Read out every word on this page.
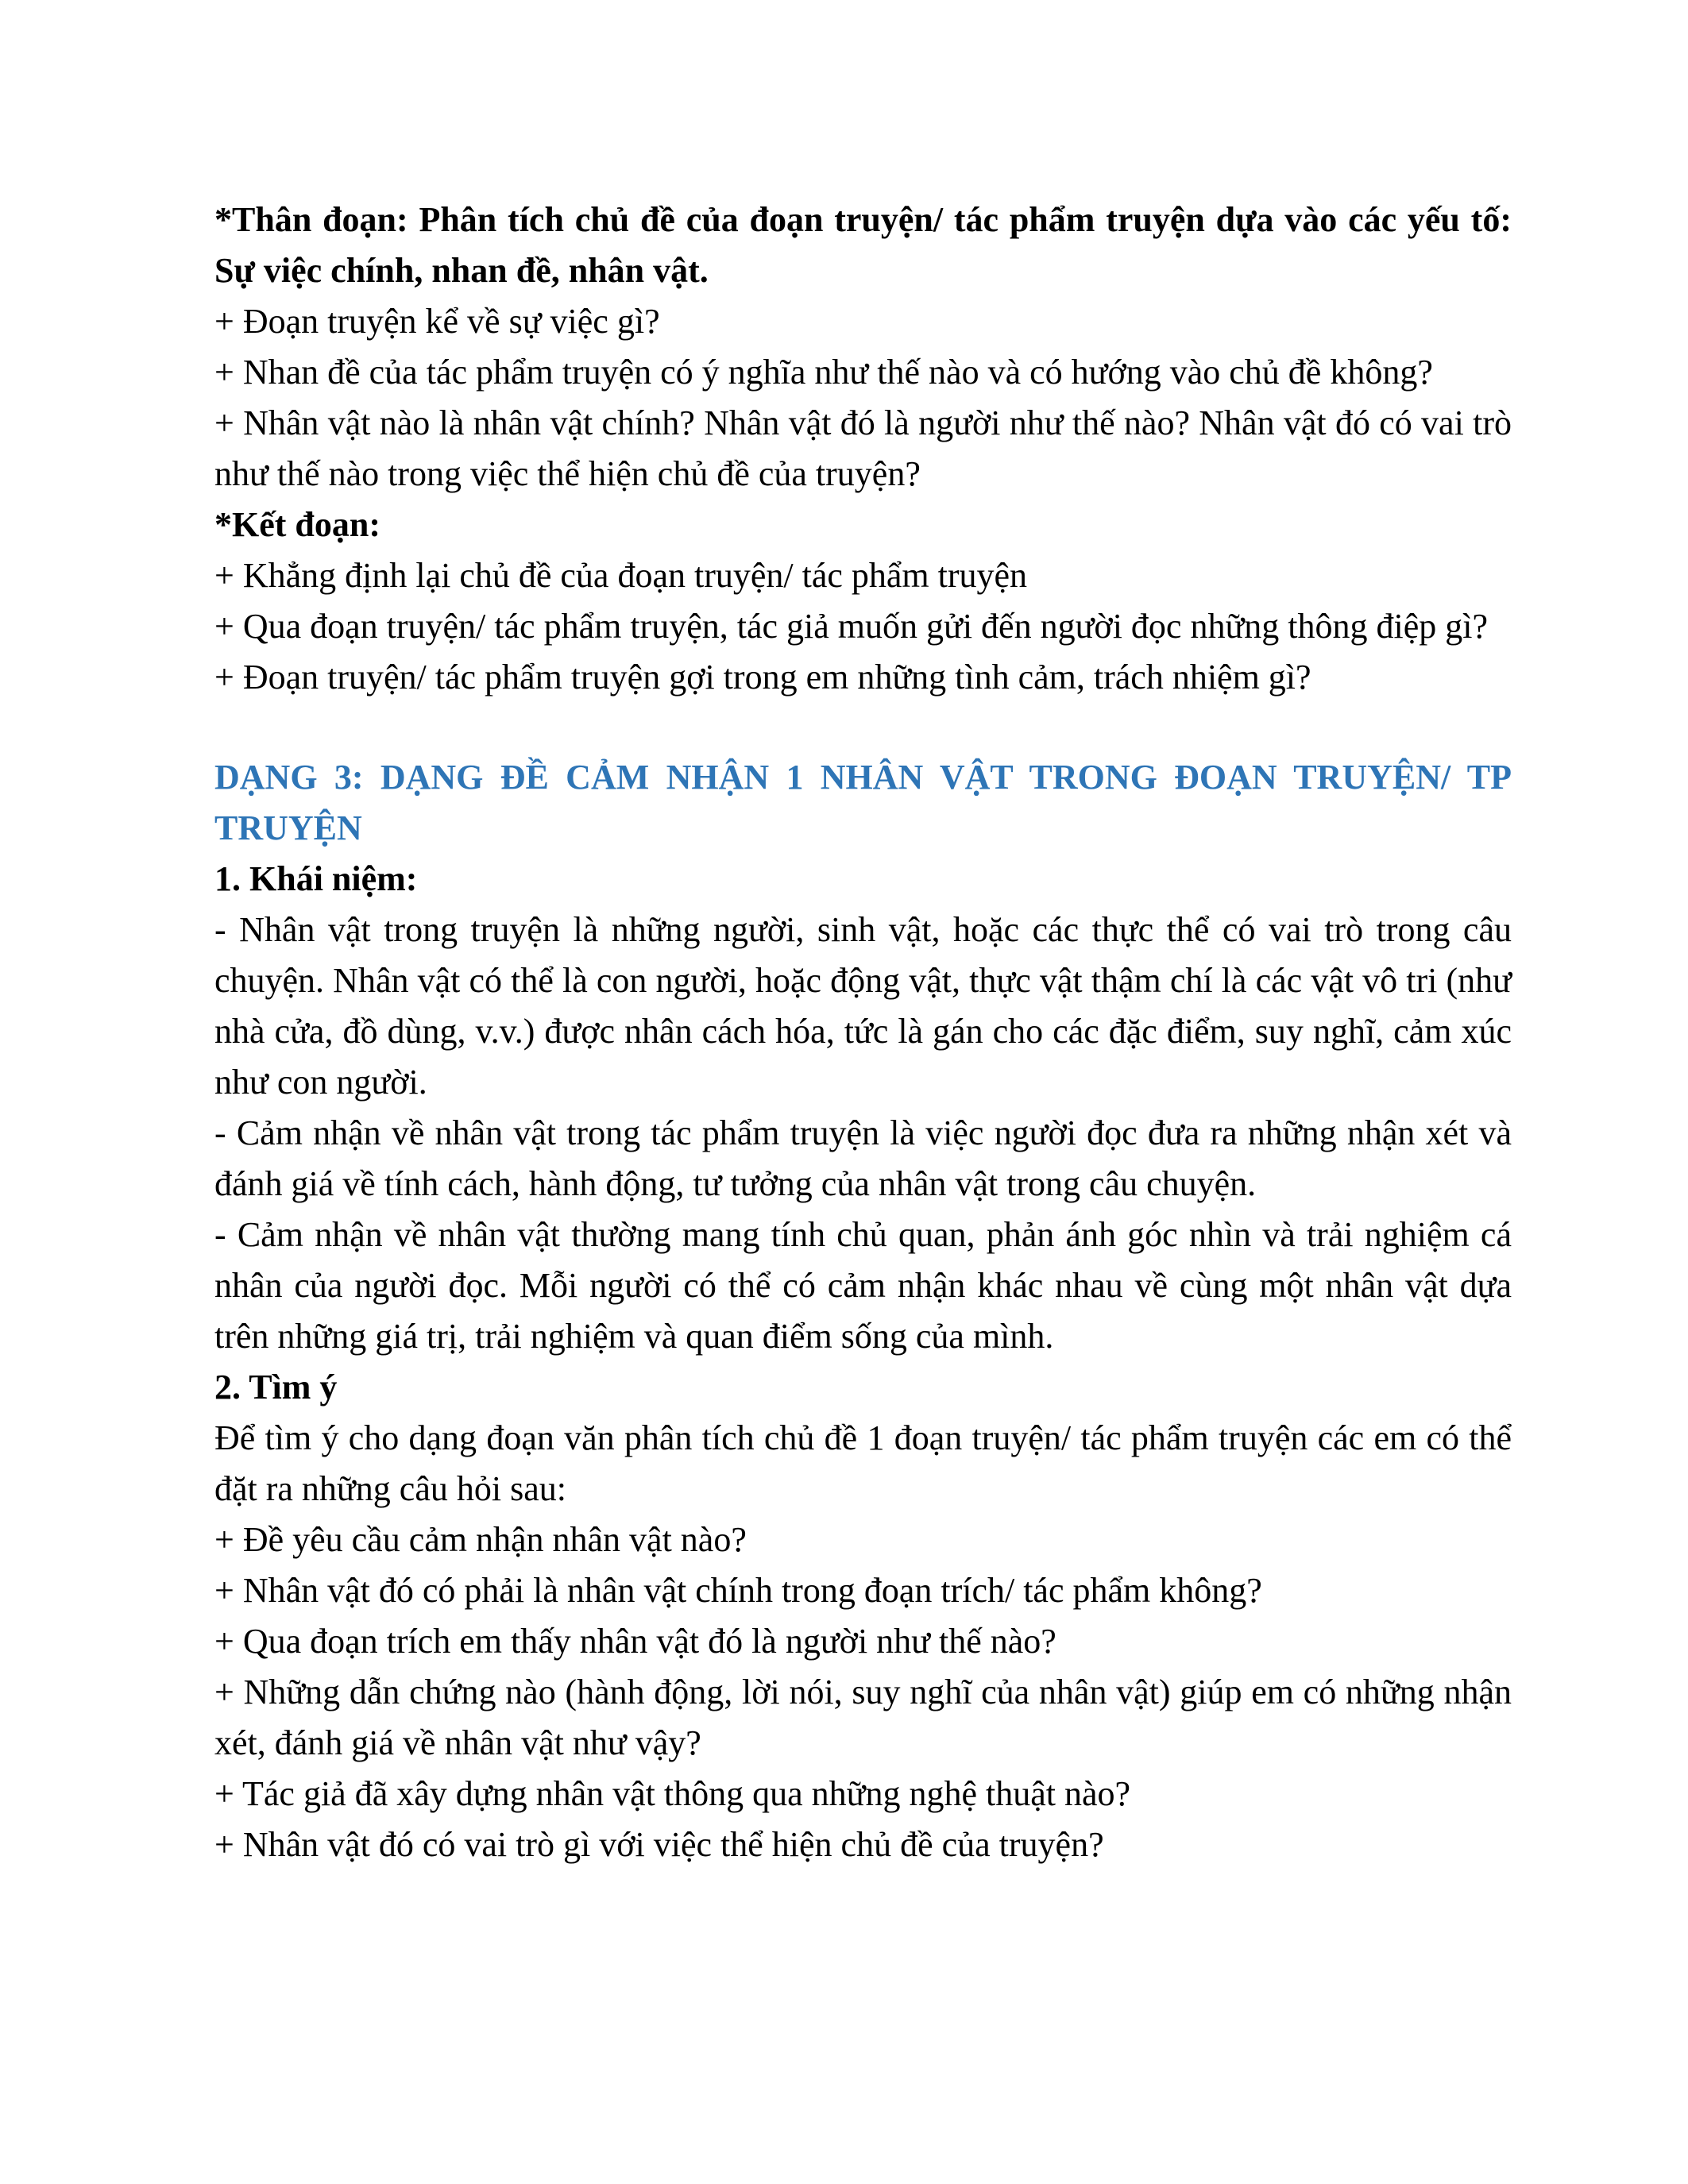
*Thân đoạn: Phân tích chủ đề của đoạn truyện/ tác phẩm truyện dựa vào các yếu tố: Sự việc chính, nhan đề, nhân vật.
+ Đoạn truyện kể về sự việc gì?
+ Nhan đề của tác phẩm truyện có ý nghĩa như thế nào và có hướng vào chủ đề không?
+ Nhân vật nào là nhân vật chính? Nhân vật đó là người như thế nào? Nhân vật đó có vai trò như thế nào trong việc thể hiện chủ đề của truyện?
*Kết đoạn:
+ Khẳng định lại chủ đề của đoạn truyện/ tác phẩm truyện
+ Qua đoạn truyện/ tác phẩm truyện, tác giả muốn gửi đến người đọc những thông điệp gì?
+ Đoạn truyện/ tác phẩm truyện gợi trong em những tình cảm, trách nhiệm gì?
DẠNG 3: DẠNG ĐỀ CẢM NHẬN 1 NHÂN VẬT TRONG ĐOẠN TRUYỆN/ TP TRUYỆN
1. Khái niệm:
- Nhân vật trong truyện là những người, sinh vật, hoặc các thực thể có vai trò trong câu chuyện. Nhân vật có thể là con người, hoặc động vật, thực vật thậm chí là các vật vô tri (như nhà cửa, đồ dùng, v.v.) được nhân cách hóa, tức là gán cho các đặc điểm, suy nghĩ, cảm xúc như con người.
- Cảm nhận về nhân vật trong tác phẩm truyện là việc người đọc đưa ra những nhận xét và đánh giá về tính cách, hành động, tư tưởng của nhân vật trong câu chuyện.
- Cảm nhận về nhân vật thường mang tính chủ quan, phản ánh góc nhìn và trải nghiệm cá nhân của người đọc. Mỗi người có thể có cảm nhận khác nhau về cùng một nhân vật dựa trên những giá trị, trải nghiệm và quan điểm sống của mình.
2. Tìm ý
Để tìm ý cho dạng đoạn văn phân tích chủ đề 1 đoạn truyện/ tác phẩm truyện các em có thể đặt ra những câu hỏi sau:
+ Đề yêu cầu cảm nhận nhân vật nào?
+ Nhân vật đó có phải là nhân vật chính trong đoạn trích/ tác phẩm không?
+ Qua đoạn trích em thấy nhân vật đó là người như thế nào?
+ Những dẫn chứng nào (hành động, lời nói, suy nghĩ của nhân vật) giúp em có những nhận xét, đánh giá về nhân vật như vậy?
+ Tác giả đã xây dựng nhân vật thông qua những nghệ thuật nào?
+ Nhân vật đó có vai trò gì với việc thể hiện chủ đề của truyện?
